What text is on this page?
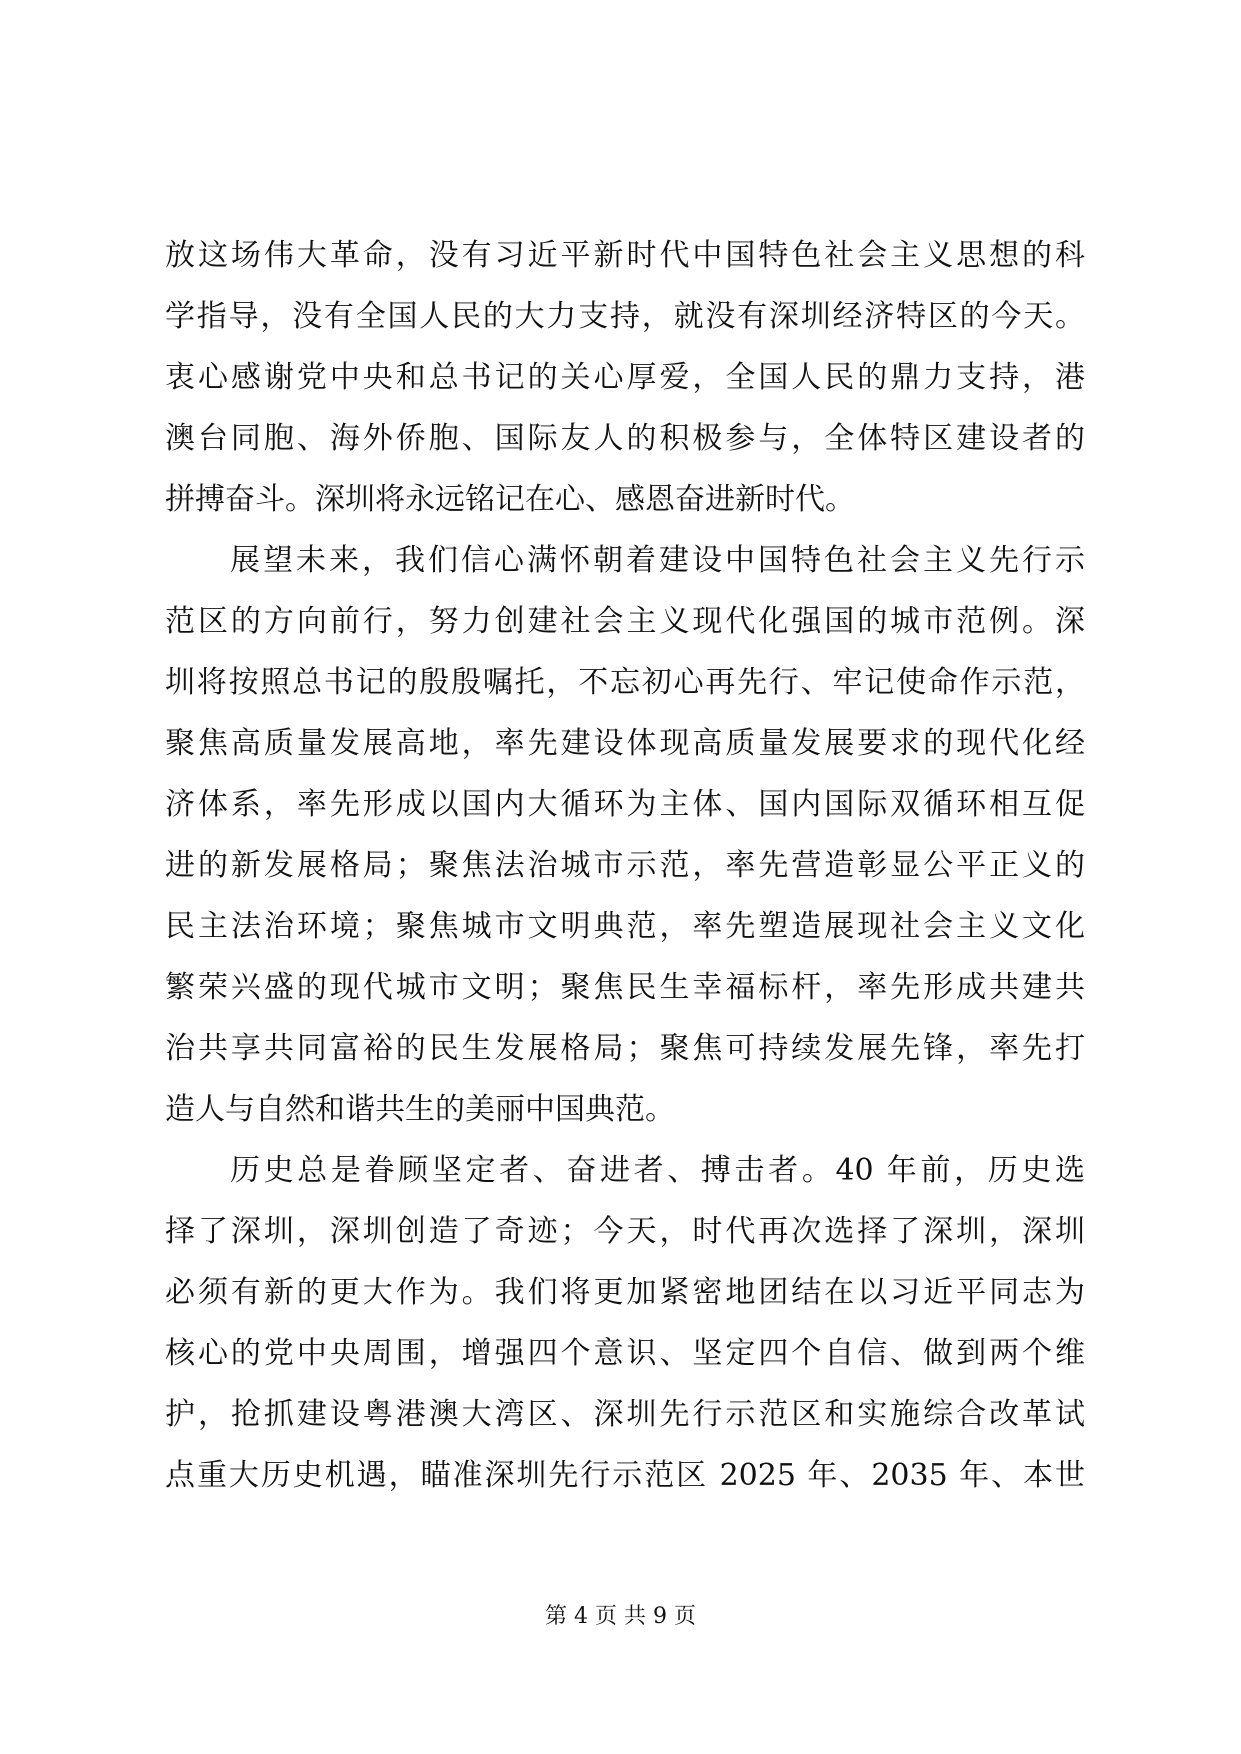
放这场伟大革命，没有习近平新时代中国特色社会主义思想的科
学指导，没有全国人民的大力支持，就没有深圳经济特区的今天。
衷心感谢党中央和总书记的关心厚爱，全国人民的鼎力支持，港
澳台同胞、海外侨胞、国际友人的积极参与，全体特区建设者的
拼搏奋斗。深圳将永远铭记在心、感恩奋进新时代。
展望未来，我们信心满怀朝着建设中国特色社会主义先行示
范区的方向前行，努力创建社会主义现代化强国的城市范例。深
圳将按照总书记的殷殷嘱托，不忘初心再先行、牢记使命作示范，
聚焦高质量发展高地，率先建设体现高质量发展要求的现代化经
济体系，率先形成以国内大循环为主体、国内国际双循环相互促
进的新发展格局；聚焦法治城市示范，率先营造彰显公平正义的
民主法治环境；聚焦城市文明典范，率先塑造展现社会主义文化
繁荣兴盛的现代城市文明；聚焦民生幸福标杆，率先形成共建共
治共享共同富裕的民生发展格局；聚焦可持续发展先锋，率先打
造人与自然和谐共生的美丽中国典范。
历史总是眷顾坚定者、奋进者、搏击者。40 年前，历史选
择了深圳，深圳创造了奇迹；今天，时代再次选择了深圳，深圳
必须有新的更大作为。我们将更加紧密地团结在以习近平同志为
核心的党中央周围，增强四个意识、坚定四个自信、做到两个维
护，抢抓建设粤港澳大湾区、深圳先行示范区和实施综合改革试
点重大历史机遇，瞄准深圳先行示范区 2025 年、2035 年、本世
第 4 页 共 9 页
